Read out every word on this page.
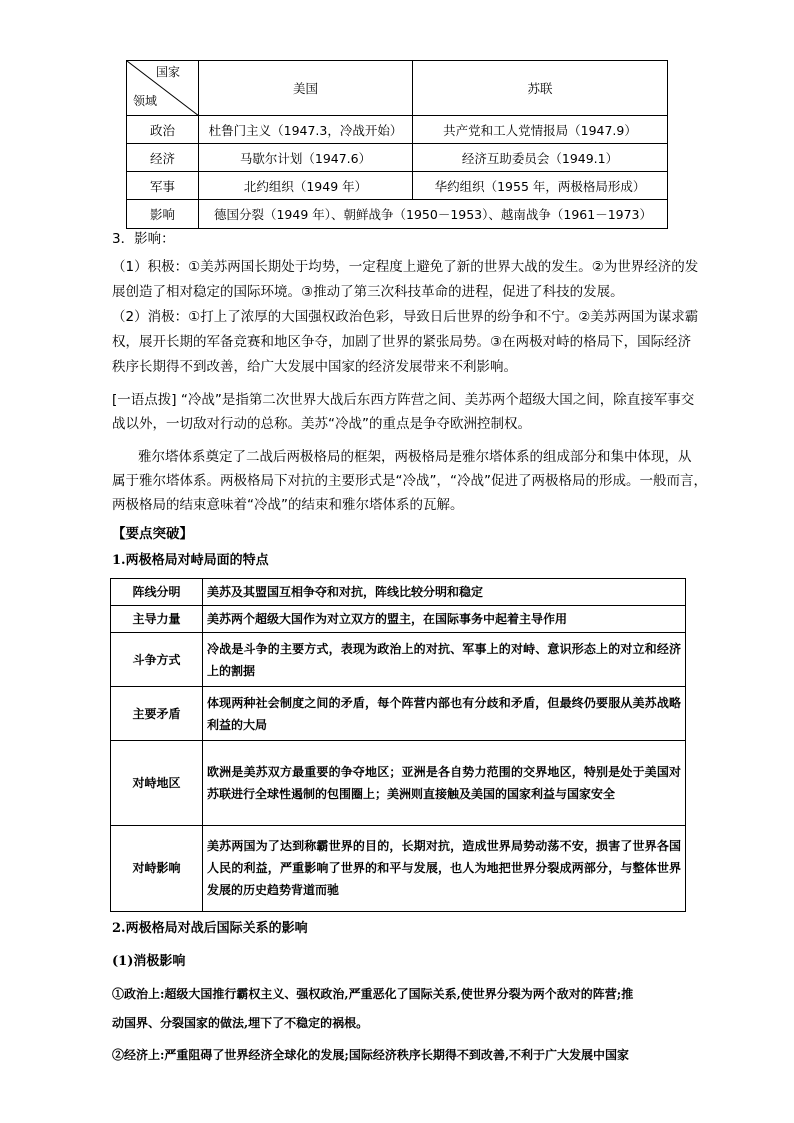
国家
领域	美国	苏联
政治	杜鲁门主义（1947.3，冷战开始）	共产党和工人党情报局（1947.9）
经济	马歇尔计划（1947.6）	经济互助委员会（1949.1）
军事	北约组织（1949 年）	华约组织（1955 年，两极格局形成）
影响	德国分裂（1949 年）、朝鲜战争（1950－1953）、越南战争（1961－1973）	

3．影响：

（1）积极：①美苏两国长期处于均势，一定程度上避免了新的世界大战的发生。②为世界经济的发

展创造了相对稳定的国际环境。③推动了第三次科技革命的进程，促进了科技的发展。

（2）消极：①打上了浓厚的大国强权政治色彩，导致日后世界的纷争和不宁。②美苏两国为谋求霸

权，展开长期的军备竞赛和地区争夺，加剧了世界的紧张局势。③在两极对峙的格局下，国际经济

秩序长期得不到改善，给广大发展中国家的经济发展带来不利影响。

[一语点拨] “冷战”是指第二次世界大战后东西方阵营之间、美苏两个超级大国之间，除直接军事交

战以外，一切敌对行动的总称。美苏“冷战”的重点是争夺欧洲控制权。

雅尔塔体系奠定了二战后两极格局的框架，两极格局是雅尔塔体系的组成部分和集中体现，从

属于雅尔塔体系。两极格局下对抗的主要形式是“冷战”，“冷战”促进了两极格局的形成。一般而言，

两极格局的结束意味着“冷战”的结束和雅尔塔体系的瓦解。

【要点突破】

1.两极格局对峙局面的特点

阵线分明	美苏及其盟国互相争夺和对抗，阵线比较分明和稳定
主导力量	美苏两个超级大国作为对立双方的盟主，在国际事务中起着主导作用
斗争方式	冷战是斗争的主要方式，表现为政治上的对抗、军事上的对峙、意识形态上的对立和经济上的割据
主要矛盾	体现两种社会制度之间的矛盾，每个阵营内部也有分歧和矛盾，但最终仍要服从美苏战略利益的大局
对峙地区	欧洲是美苏双方最重要的争夺地区；亚洲是各自势力范围的交界地区，特别是处于美国对苏联进行全球性遏制的包围圈上；美洲则直接触及美国的国家利益与国家安全
对峙影响	美苏两国为了达到称霸世界的目的，长期对抗，造成世界局势动荡不安，损害了世界各国人民的利益，严重影响了世界的和平与发展，也人为地把世界分裂成两部分，与整体世界发展的历史趋势背道而驰

2.两极格局对战后国际关系的影响

(1)消极影响

①政治上:超级大国推行霸权主义、强权政治,严重恶化了国际关系,使世界分裂为两个敌对的阵营;推

动国界、分裂国家的做法,埋下了不稳定的祸根。

②经济上:严重阻碍了世界经济全球化的发展;国际经济秩序长期得不到改善,不利于广大发展中国家
